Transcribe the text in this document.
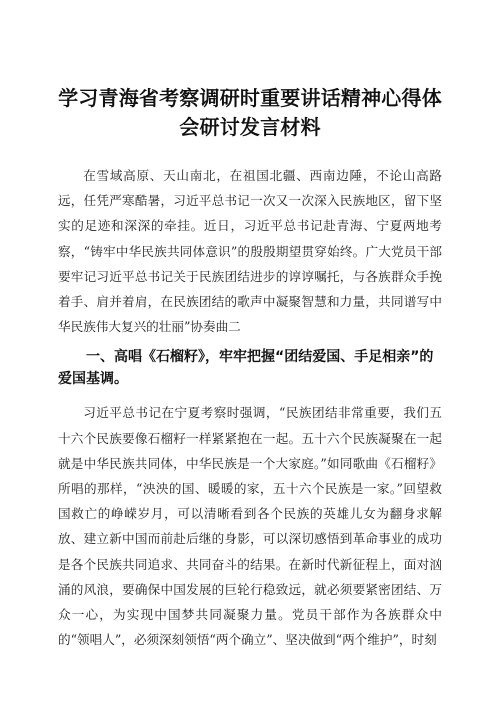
学习青海省考察调研时重要讲话精神心得体
会研讨发言材料

在雪域高原、天山南北，在祖国北疆、西南边陲，不论山高路远，任凭严寒酷暑，习近平总书记一次又一次深入民族地区，留下坚实的足迹和深深的牵挂。近日，习近平总书记赴青海、宁夏两地考察，“铸牢中华民族共同体意识”的殷殷期望贯穿始终。广大党员干部要牢记习近平总书记关于民族团结进步的谆谆嘱托，与各族群众手挽着手、肩并着肩，在民族团结的歌声中凝聚智慧和力量，共同谱写中华民族伟大复兴的壮丽”协奏曲二

一、高唱《石榴籽》，牢牢把握“团结爱国、手足相亲”的
爱国基调。

习近平总书记在宁夏考察时强调，“民族团结非常重要，我们五十六个民族要像石榴籽一样紧紧抱在一起。五十六个民族凝聚在一起就是中华民族共同体，中华民族是一个大家庭。”如同歌曲《石榴籽》所唱的那样，“泱泱的国、暖暖的家，五十六个民族是一家。”回望救国救亡的峥嵘岁月，可以清晰看到各个民族的英雄儿女为翻身求解放、建立新中国而前赴后继的身影，可以深切感悟到革命事业的成功是各个民族共同追求、共同奋斗的结果。在新时代新征程上，面对汹涌的风浪，要确保中国发展的巨轮行稳致远，就必须要紧密团结、万众一心，为实现中国梦共同凝聚力量。党员干部作为各族群众中的“领唱人”，必须深刻领悟“两个确立”、坚决做到“两个维护”，时刻
